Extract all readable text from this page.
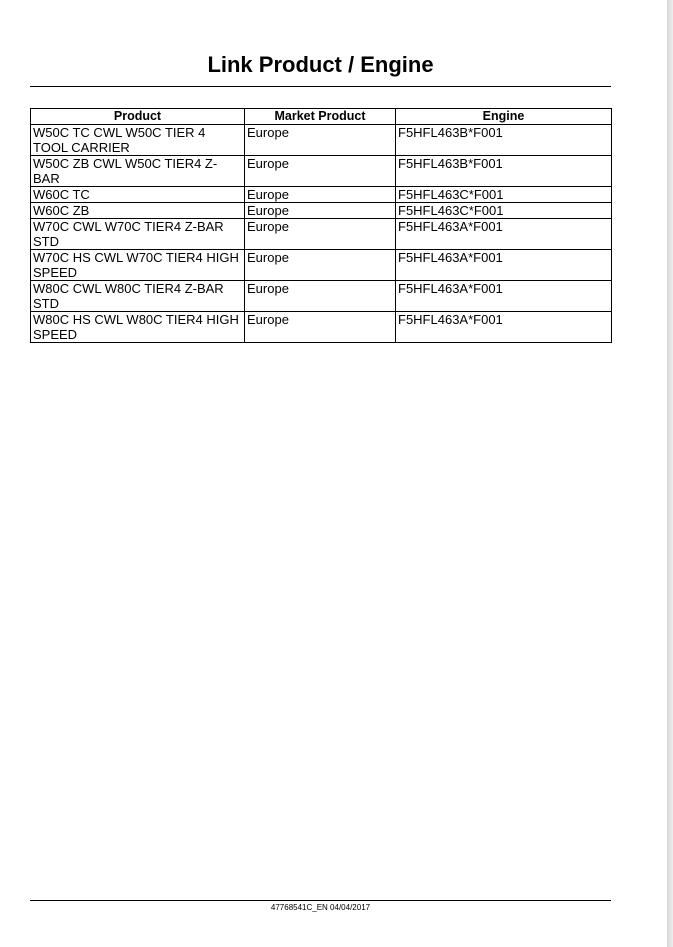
Link Product / Engine
Product	Market Product	Engine
W50C TC CWL W50C TIER 4 TOOL CARRIER	Europe	F5HFL463B*F001
W50C ZB CWL W50C TIER4 Z-BAR	Europe	F5HFL463B*F001
W60C TC	Europe	F5HFL463C*F001
W60C ZB	Europe	F5HFL463C*F001
W70C CWL W70C TIER4 Z-BAR STD	Europe	F5HFL463A*F001
W70C HS CWL W70C TIER4 HIGH SPEED	Europe	F5HFL463A*F001
W80C CWL W80C TIER4 Z-BAR STD	Europe	F5HFL463A*F001
W80C HS CWL W80C TIER4 HIGH SPEED	Europe	F5HFL463A*F001
47768541C_EN 04/04/2017
